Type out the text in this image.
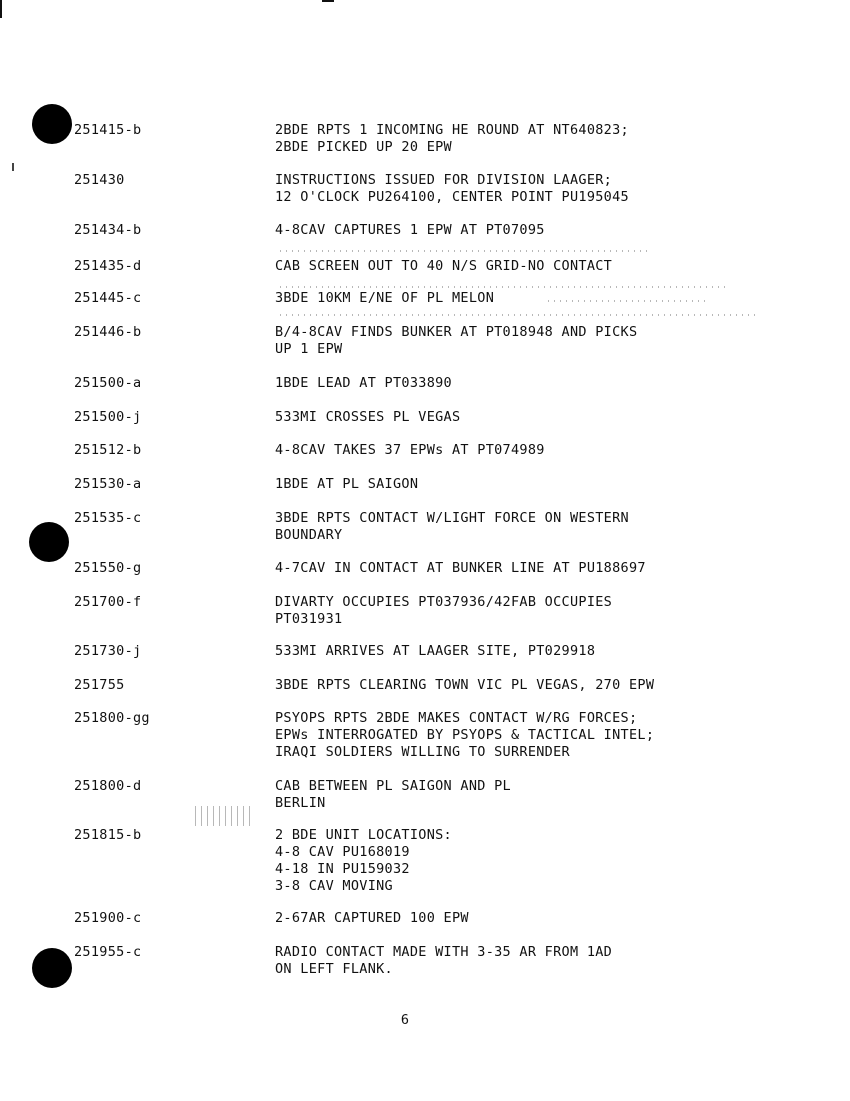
251415-b	2BDE RPTS 1 INCOMING HE ROUND AT NT640823;
2BDE PICKED UP 20 EPW
251430	INSTRUCTIONS ISSUED FOR DIVISION LAAGER;
12 O'CLOCK PU264100, CENTER POINT PU195045
251434-b	4-8CAV CAPTURES 1 EPW AT PT07095
251435-d	CAB SCREEN OUT TO 40 N/S GRID-NO CONTACT
251445-c	3BDE 10KM E/NE OF PL MELON
251446-b	B/4-8CAV FINDS BUNKER AT PT018948 AND PICKS
UP 1 EPW
251500-a	1BDE LEAD AT PT033890
251500-j	533MI CROSSES PL VEGAS
251512-b	4-8CAV TAKES 37 EPWs AT PT074989
251530-a	1BDE AT PL SAIGON
251535-c	3BDE RPTS CONTACT W/LIGHT FORCE ON WESTERN
BOUNDARY
251550-g	4-7CAV IN CONTACT AT BUNKER LINE AT PU188697
251700-f	DIVARTY OCCUPIES PT037936/42FAB OCCUPIES
PT031931
251730-j	533MI ARRIVES AT LAAGER SITE, PT029918
251755	3BDE RPTS CLEARING TOWN VIC PL VEGAS, 270 EPW
251800-gg	PSYOPS RPTS 2BDE MAKES CONTACT W/RG FORCES;
EPWs INTERROGATED BY PSYOPS & TACTICAL INTEL;
IRAQI SOLDIERS WILLING TO SURRENDER
251800-d	CAB BETWEEN PL SAIGON AND PL
BERLIN
251815-b	2 BDE UNIT LOCATIONS:
4-8 CAV PU168019
4-18 IN PU159032
3-8 CAV MOVING
251900-c	2-67AR CAPTURED 100 EPW
251955-c	RADIO CONTACT MADE WITH 3-35 AR FROM 1AD
ON LEFT FLANK.
6
